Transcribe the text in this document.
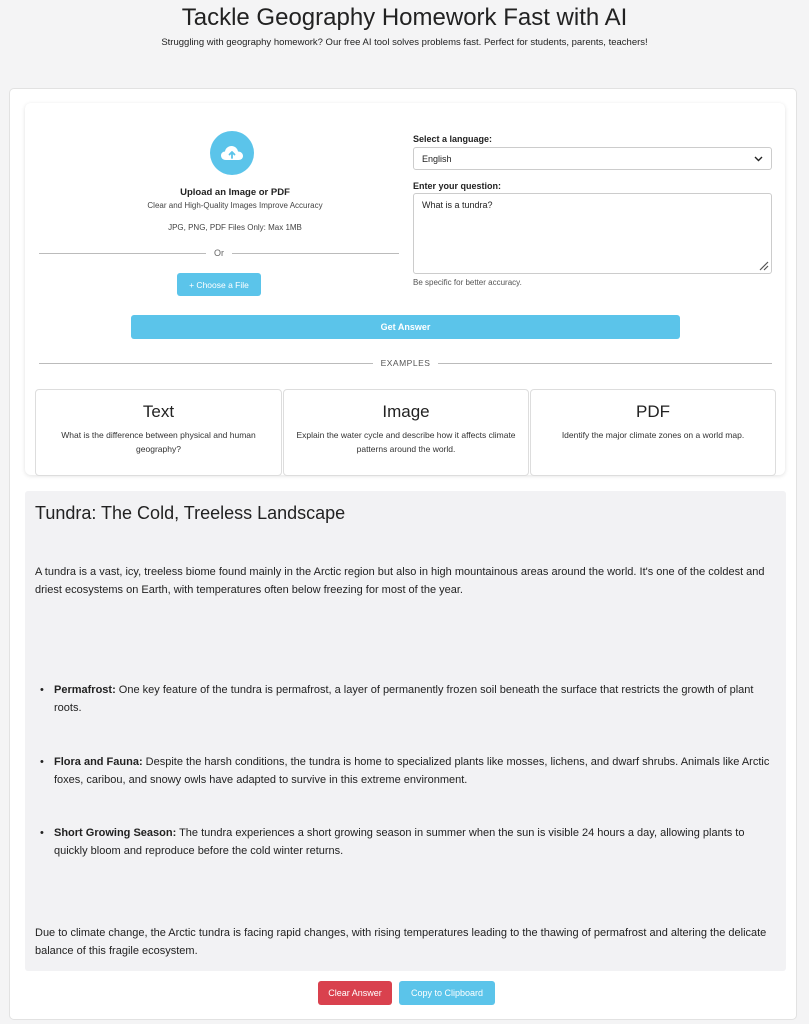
Tackle Geography Homework Fast with AI

Struggling with geography homework? Our free AI tool solves problems fast. Perfect for students, parents, teachers!

Upload an Image or PDF
Clear and High-Quality Images Improve Accuracy
JPG, PNG, PDF Files Only: Max 1MB
Or
+ Choose a File
Select a language:
English
Enter your question:
What is a tundra?
Be specific for better accuracy.
Get Answer
EXAMPLES
Text
What is the difference between physical and human geography?
Image
Explain the water cycle and describe how it affects climate patterns around the world.
PDF
Identify the major climate zones on a world map.
Tundra: The Cold, Treeless Landscape

A tundra is a vast, icy, treeless biome found mainly in the Arctic region but also in high mountainous areas around the world. It's one of the coldest and driest ecosystems on Earth, with temperatures often below freezing for most of the year.

• Permafrost: One key feature of the tundra is permafrost, a layer of permanently frozen soil beneath the surface that restricts the growth of plant roots.
• Flora and Fauna: Despite the harsh conditions, the tundra is home to specialized plants like mosses, lichens, and dwarf shrubs. Animals like Arctic foxes, caribou, and snowy owls have adapted to survive in this extreme environment.
• Short Growing Season: The tundra experiences a short growing season in summer when the sun is visible 24 hours a day, allowing plants to quickly bloom and reproduce before the cold winter returns.

Due to climate change, the Arctic tundra is facing rapid changes, with rising temperatures leading to the thawing of permafrost and altering the delicate balance of this fragile ecosystem.

Clear Answer	Copy to Clipboard
